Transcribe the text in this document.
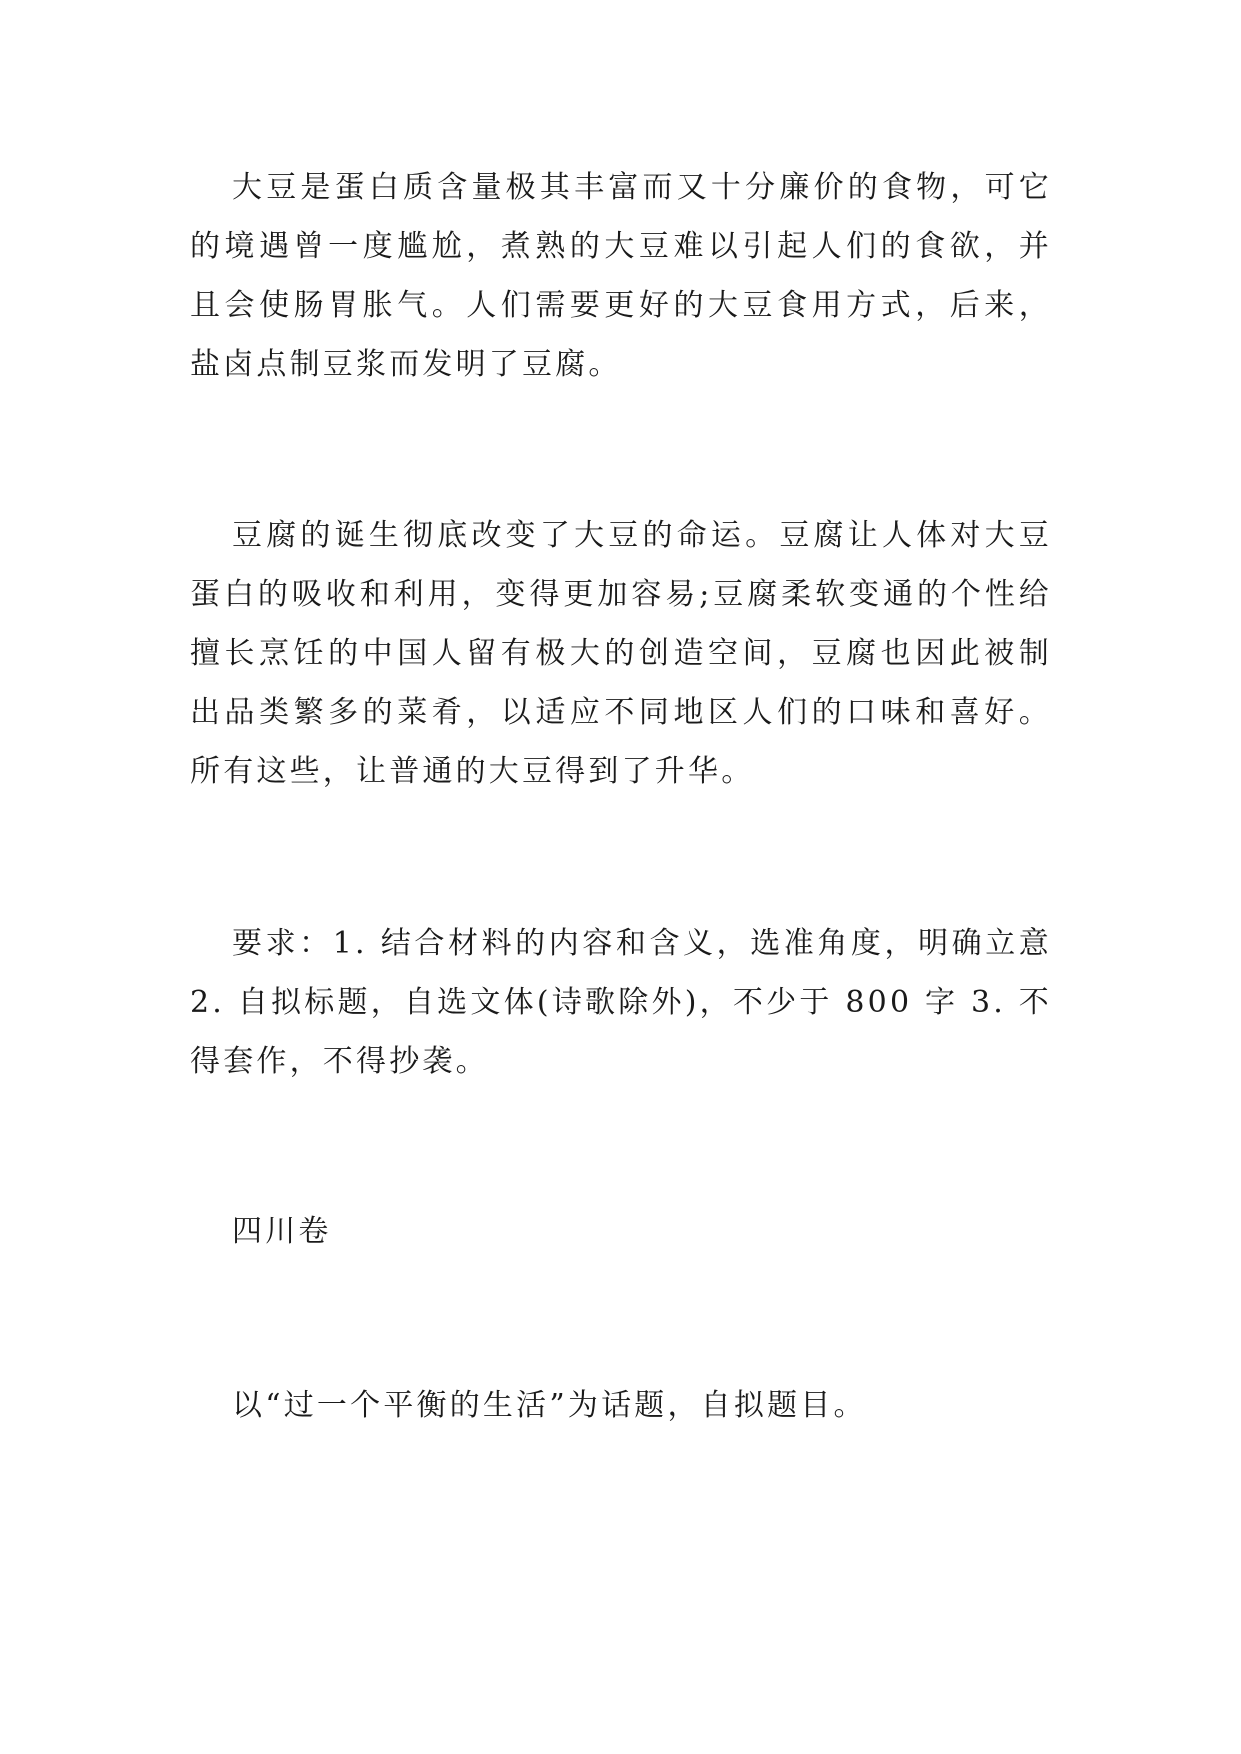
大豆是蛋白质含量极其丰富而又十分廉价的食物，可它的境遇曾一度尴尬，煮熟的大豆难以引起人们的食欲，并且会使肠胃胀气。人们需要更好的大豆食用方式，后来，盐卤点制豆浆而发明了豆腐。

豆腐的诞生彻底改变了大豆的命运。豆腐让人体对大豆蛋白的吸收和利用，变得更加容易;豆腐柔软变通的个性给擅长烹饪的中国人留有极大的创造空间，豆腐也因此被制出品类繁多的菜肴，以适应不同地区人们的口味和喜好。所有这些，让普通的大豆得到了升华。

要求：1. 结合材料的内容和含义，选准角度，明确立意 2. 自拟标题，自选文体(诗歌除外)，不少于 800 字 3. 不得套作，不得抄袭。

四川卷

以“过一个平衡的生活”为话题，自拟题目。
